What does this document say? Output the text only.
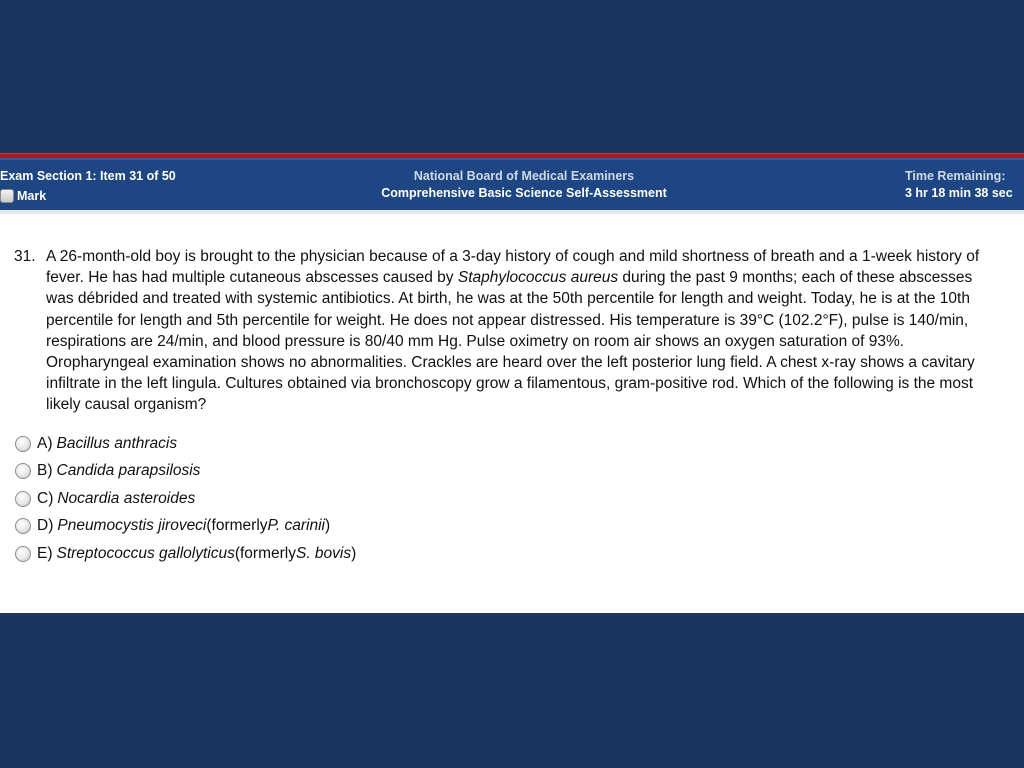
Exam Section 1: Item 31 of 50
Mark
National Board of Medical Examiners
Comprehensive Basic Science Self-Assessment
Time Remaining:
3 hr 18 min 38 sec
31. A 26-month-old boy is brought to the physician because of a 3-day history of cough and mild shortness of breath and a 1-week history of fever. He has had multiple cutaneous abscesses caused by Staphylococcus aureus during the past 9 months; each of these abscesses was débrided and treated with systemic antibiotics. At birth, he was at the 50th percentile for length and weight. Today, he is at the 10th percentile for length and 5th percentile for weight. He does not appear distressed. His temperature is 39°C (102.2°F), pulse is 140/min, respirations are 24/min, and blood pressure is 80/40 mm Hg. Pulse oximetry on room air shows an oxygen saturation of 93%. Oropharyngeal examination shows no abnormalities. Crackles are heard over the left posterior lung field. A chest x-ray shows a cavitary infiltrate in the left lingula. Cultures obtained via bronchoscopy grow a filamentous, gram-positive rod. Which of the following is the most likely causal organism?
A) Bacillus anthracis
B) Candida parapsilosis
C) Nocardia asteroides
D) Pneumocystis jiroveci (formerly P. carinii )
E) Streptococcus gallolyticus (formerly S. bovis )
